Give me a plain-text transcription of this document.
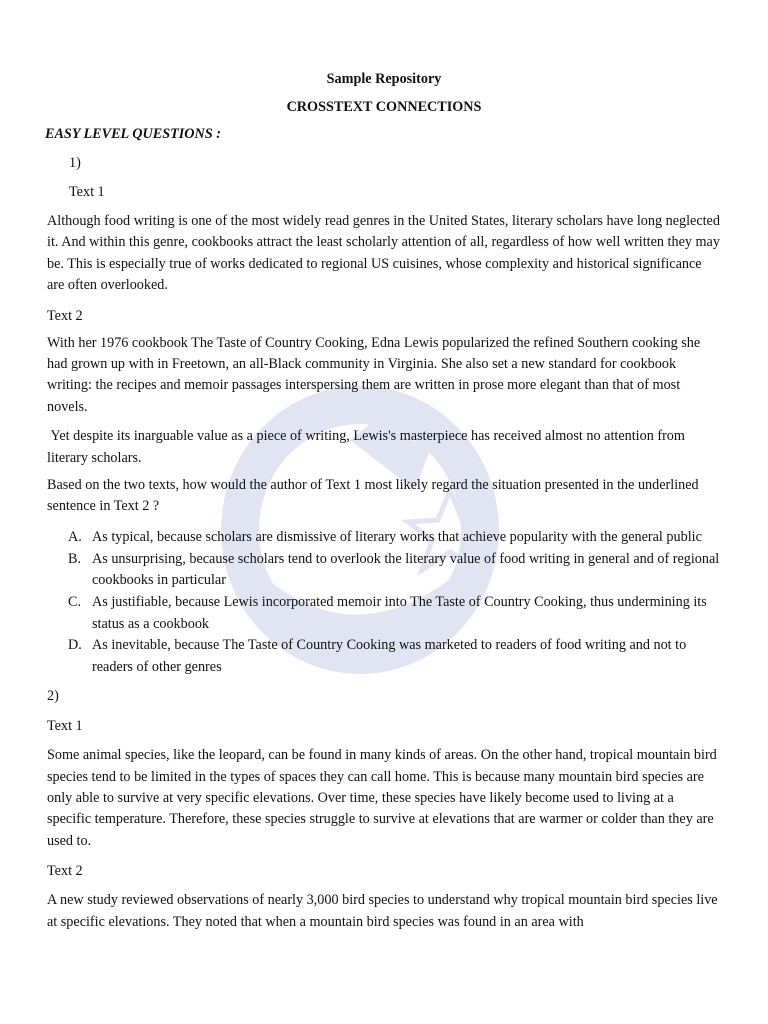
Sample Repository

CROSSTEXT CONNECTIONS

EASY LEVEL QUESTIONS :

1)

Text 1

Although food writing is one of the most widely read genres in the United States, literary scholars have long neglected it. And within this genre, cookbooks attract the least scholarly attention of all, regardless of how well written they may be. This is especially true of works dedicated to regional US cuisines, whose complexity and historical significance are often overlooked.

Text 2

With her 1976 cookbook The Taste of Country Cooking, Edna Lewis popularized the refined Southern cooking she had grown up with in Freetown, an all-Black community in Virginia. She also set a new standard for cookbook writing: the recipes and memoir passages interspersing them are written in prose more elegant than that of most novels.

Yet despite its inarguable value as a piece of writing, Lewis's masterpiece has received almost no attention from literary scholars.

Based on the two texts, how would the author of Text 1 most likely regard the situation presented in the underlined sentence in Text 2 ?

A. As typical, because scholars are dismissive of literary works that achieve popularity with the general public
B. As unsurprising, because scholars tend to overlook the literary value of food writing in general and of regional cookbooks in particular
C. As justifiable, because Lewis incorporated memoir into The Taste of Country Cooking, thus undermining its status as a cookbook
D. As inevitable, because The Taste of Country Cooking was marketed to readers of food writing and not to readers of other genres

2)

Text 1

Some animal species, like the leopard, can be found in many kinds of areas. On the other hand, tropical mountain bird species tend to be limited in the types of spaces they can call home. This is because many mountain bird species are only able to survive at very specific elevations. Over time, these species have likely become used to living at a specific temperature. Therefore, these species struggle to survive at elevations that are warmer or colder than they are used to.

Text 2

A new study reviewed observations of nearly 3,000 bird species to understand why tropical mountain bird species live at specific elevations. They noted that when a mountain bird species was found in an area with
